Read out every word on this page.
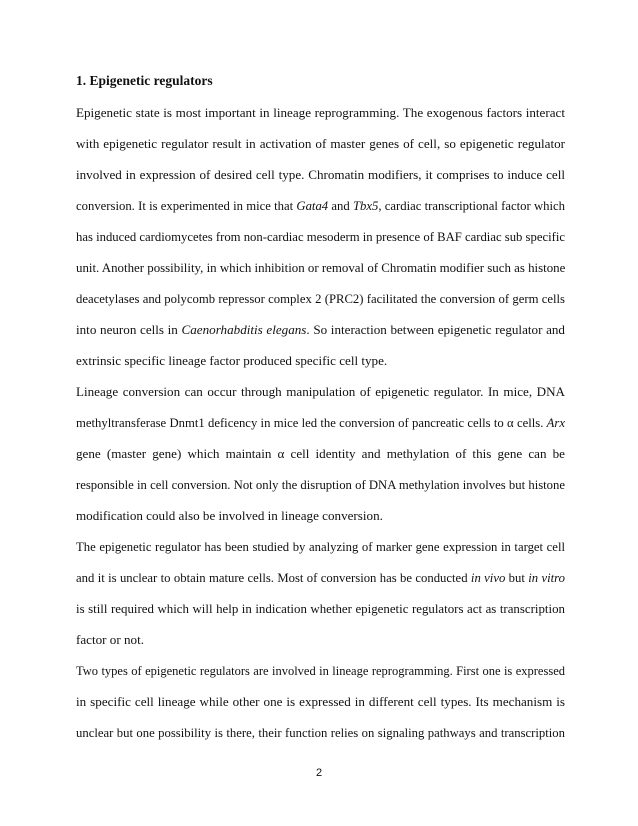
1. Epigenetic regulators
Epigenetic state is most important in lineage reprogramming. The exogenous factors interact
with epigenetic regulator result in activation of master genes of cell, so epigenetic regulator
involved in expression of desired cell type. Chromatin modifiers, it comprises to induce cell
conversion. It is experimented in mice that Gata4 and Tbx5, cardiac transcriptional factor which
has induced cardiomycetes from non-cardiac mesoderm in presence of BAF cardiac sub specific
unit. Another possibility, in which inhibition or removal of Chromatin modifier such as histone
deacetylases and polycomb repressor complex 2 (PRC2) facilitated the conversion of germ cells
into neuron cells in Caenorhabditis elegans. So interaction between epigenetic regulator and
extrinsic specific lineage factor produced specific cell type.
Lineage conversion can occur through manipulation of epigenetic regulator. In mice, DNA
methyltransferase Dnmt1 deficency in mice led the conversion of pancreatic cells to α cells. Arx
gene (master gene) which maintain α cell identity and methylation of this gene can be
responsible in cell conversion. Not only the disruption of DNA methylation involves but histone
modification could also be involved in lineage conversion.
The epigenetic regulator has been studied by analyzing of marker gene expression in target cell
and it is unclear to obtain mature cells. Most of conversion has be conducted in vivo but in vitro
is still required which will help in indication whether epigenetic regulators act as transcription
factor or not.
Two types of epigenetic regulators are involved in lineage reprogramming. First one is expressed
in specific cell lineage while other one is expressed in different cell types. Its mechanism is
unclear but one possibility is there, their function relies on signaling pathways and transcription
2
